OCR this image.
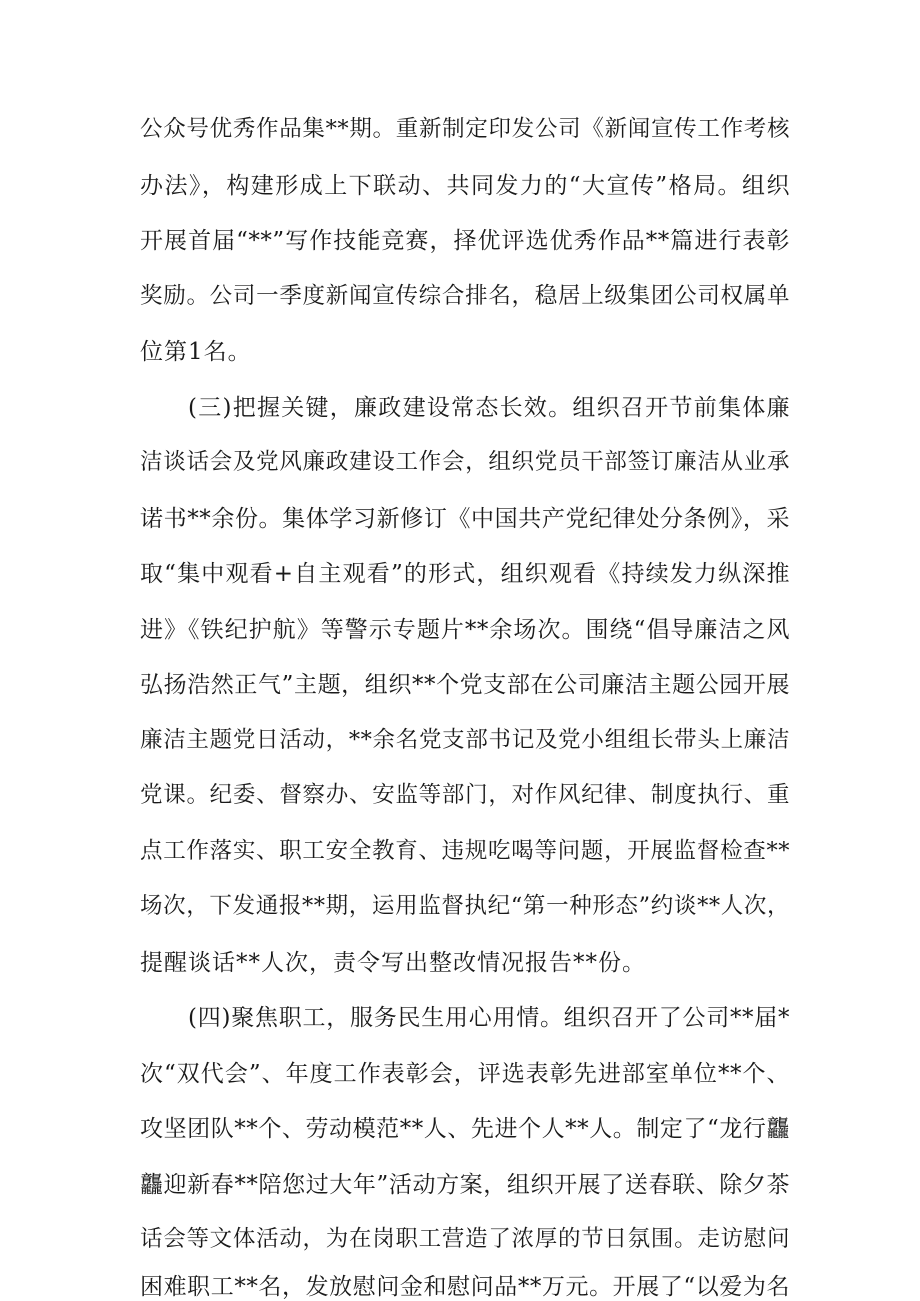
公众号优秀作品集**期。重新制定印发公司《新闻宣传工作考核
办法》，构建形成上下联动、共同发力的“大宣传”格局。组织
开展首届“**”写作技能竞赛，择优评选优秀作品**篇进行表彰
奖励。公司一季度新闻宣传综合排名，稳居上级集团公司权属单
位第1名。
(三)把握关键，廉政建设常态长效。组织召开节前集体廉
洁谈话会及党风廉政建设工作会，组织党员干部签订廉洁从业承
诺书**余份。集体学习新修订《中国共产党纪律处分条例》，采
取“集中观看+自主观看”的形式，组织观看《持续发力纵深推
进》《铁纪护航》等警示专题片**余场次。围绕“倡导廉洁之风
弘扬浩然正气”主题，组织**个党支部在公司廉洁主题公园开展
廉洁主题党日活动，**余名党支部书记及党小组组长带头上廉洁
党课。纪委、督察办、安监等部门，对作风纪律、制度执行、重
点工作落实、职工安全教育、违规吃喝等问题，开展监督检查**
场次，下发通报**期，运用监督执纪“第一种形态”约谈**人次，
提醒谈话**人次，责令写出整改情况报告**份。
(四)聚焦职工，服务民生用心用情。组织召开了公司**届*
次“双代会”、年度工作表彰会，评选表彰先进部室单位**个、
攻坚团队**个、劳动模范**人、先进个人**人。制定了“龙行龘
龘迎新春**陪您过大年”活动方案，组织开展了送春联、除夕茶
话会等文体活动，为在岗职工营造了浓厚的节日氛围。走访慰问
困难职工**名，发放慰问金和慰问品**万元。开展了“以爱为名
